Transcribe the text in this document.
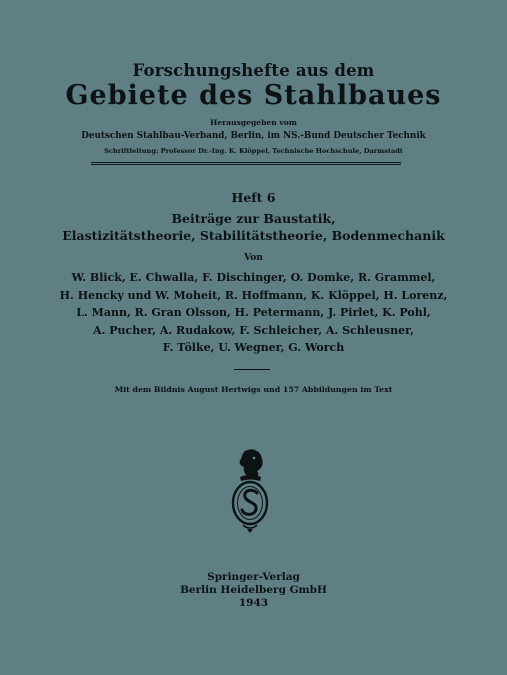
Forschungshefte aus dem
Gebiete des Stahlbaues
Herausgegeben vom
Deutschen Stahlbau-Verband, Berlin, im NS.-Bund Deutscher Technik
Schriftleitung: Professor Dr.-Ing. K. Klöppel, Technische Hochschule, Darmstadt
Heft 6
Beiträge zur Baustatik,
Elastizitätstheorie, Stabilitätstheorie, Bodenmechanik
Von
W. Blick, E. Chwalla, F. Dischinger, O. Domke, R. Grammel,
H. Hencky und W. Moheit, R. Hoffmann, K. Klöppel, H. Lorenz,
L. Mann, R. Gran Olsson, H. Petermann, J. Pirlet, K. Pohl,
A. Pucher, A. Rudakow, F. Schleicher, A. Schleusner,
F. Tölke, U. Wegner, G. Worch
Mit dem Bildnis August Hertwigs und 157 Abbildungen im Text
Springer-Verlag
Berlin Heidelberg GmbH
1943
